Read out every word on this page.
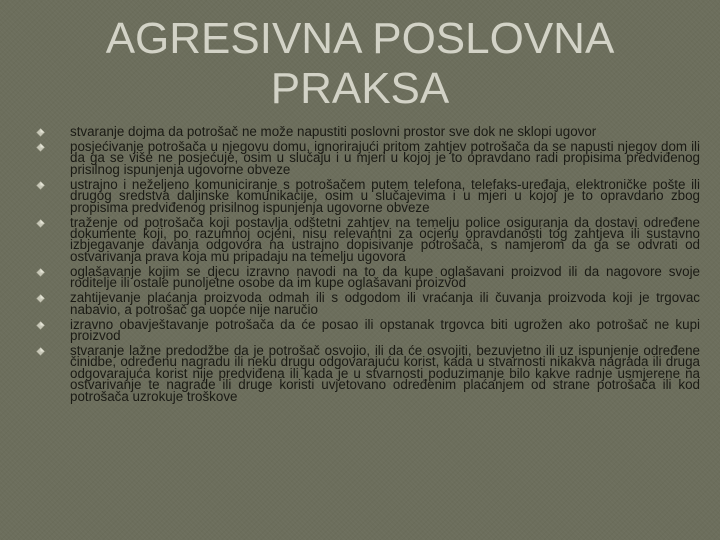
AGRESIVNA POSLOVNA
PRAKSA
stvaranje dojma da potrošač ne može napustiti poslovni prostor sve dok ne sklopi ugovor
posjećivanje potrošača u njegovu domu, ignorirajući pritom zahtjev potrošača da se napusti njegov dom ili da ga se više ne posjećuje, osim u slučaju i u mjeri u kojoj je to opravdano radi propisima predviđenog prisilnog ispunjenja ugovorne obveze
ustrajno i neželjeno komuniciranje s potrošačem putem telefona, telefaks-uređaja, elektroničke pošte ili drugog sredstva daljinske komunikacije, osim u slučajevima i u mjeri u kojoj je to opravdano zbog propisima predviđenog prisilnog ispunjenja ugovorne obveze
traženje od potrošača koji postavlja odštetni zahtjev na temelju police osiguranja da dostavi određene dokumente koji, po razumnoj ocjeni, nisu relevantni za ocjenu opravdanosti tog zahtjeva ili sustavno izbjegavanje davanja odgovora na ustrajno dopisivanje potrošača, s namjerom da ga se odvrati od ostvarivanja prava koja mu pripadaju na temelju ugovora
oglašavanje kojim se djecu izravno navodi na to da kupe oglašavani proizvod ili da nagovore svoje roditelje ili ostale punoljetne osobe da im kupe oglašavani proizvod
zahtijevanje plaćanja proizvoda odmah ili s odgodom ili vraćanja ili čuvanja proizvoda koji je trgovac nabavio, a potrošač ga uopće nije naručio
izravno obavještavanje potrošača da će posao ili opstanak trgovca biti ugrožen ako potrošač ne kupi proizvod
stvaranje lažne predodžbe da je potrošač osvojio, ili da će osvojiti, bezuvjetno ili uz ispunjenje određene činidbe, određenu nagradu ili neku drugu odgovarajuću korist, kada u stvarnosti nikakva nagrada ili druga odgovarajuća korist nije predviđena ili kada je u stvarnosti poduzimanje bilo kakve radnje usmjerene na ostvarivanje te nagrade ili druge koristi uvjetovano određenim plaćanjem od strane potrošača ili kod potrošača uzrokuje troškove
